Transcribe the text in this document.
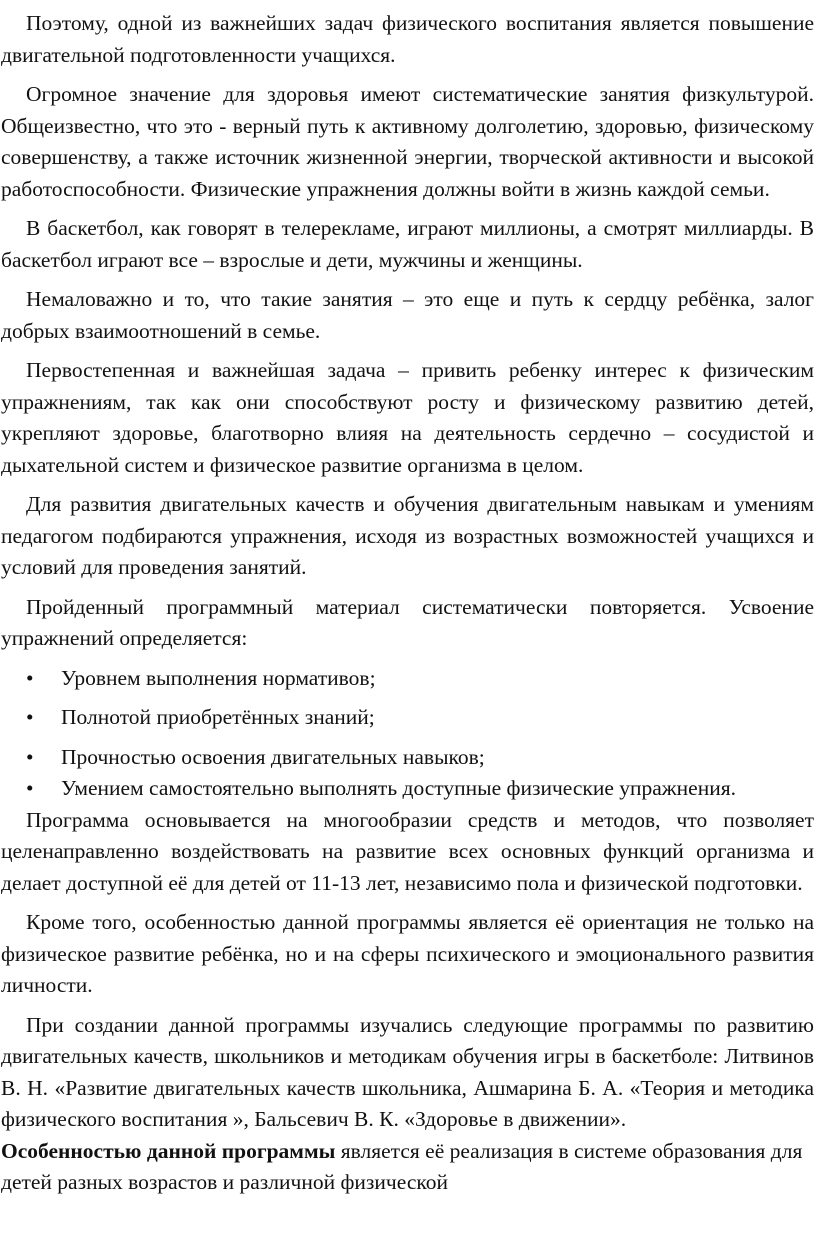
Поэтому, одной из важнейших задач физического воспитания является повышение двигательной подготовленности учащихся.

Огромное значение для здоровья имеют систематические занятия физкультурой. Общеизвестно, что это - верный путь к активному долголетию, здоровью, физическому совершенству, а также источник жизненной энергии, творческой активности и высокой работоспособности. Физические упражнения должны войти в жизнь каждой семьи.

В баскетбол, как говорят в телерекламе, играют миллионы, а смотрят миллиарды. В баскетбол играют все – взрослые и дети, мужчины и женщины.

Немаловажно и то, что такие занятия – это еще и путь к сердцу ребёнка, залог добрых взаимоотношений в семье.

Первостепенная и важнейшая задача – привить ребенку интерес к физическим упражнениям, так как они способствуют росту и физическому развитию детей, укрепляют здоровье, благотворно влияя на деятельность сердечно – сосудистой и дыхательной систем и физическое развитие организма в целом.

Для развития двигательных качеств и обучения двигательным навыкам и умениям педагогом подбираются упражнения, исходя из возрастных возможностей учащихся и условий для проведения занятий.

Пройденный программный материал систематически повторяется. Усвоение упражнений определяется:

• Уровнем выполнения нормативов;
• Полнотой приобретённых знаний;
• Прочностью освоения двигательных навыков;
• Умением самостоятельно выполнять доступные физические упражнения.

Программа основывается на многообразии средств и методов, что позволяет целенаправленно воздействовать на развитие всех основных функций организма и делает доступной её для детей от 11-13 лет, независимо пола и физической подготовки.

Кроме того, особенностью данной программы является её ориентация не только на физическое развитие ребёнка, но и на сферы психического и эмоционального развития личности.

При создании данной программы изучались следующие программы по развитию двигательных качеств, школьников и методикам обучения игры в баскетболе: Литвинов В. Н. «Развитие двигательных качеств школьника, Ашмарина Б. А. «Теория и методика физического воспитания », Бальсевич В. К. «Здоровье в движении».

Особенностью данной программы является её реализация в системе образования для детей разных возрастов и различной физической
